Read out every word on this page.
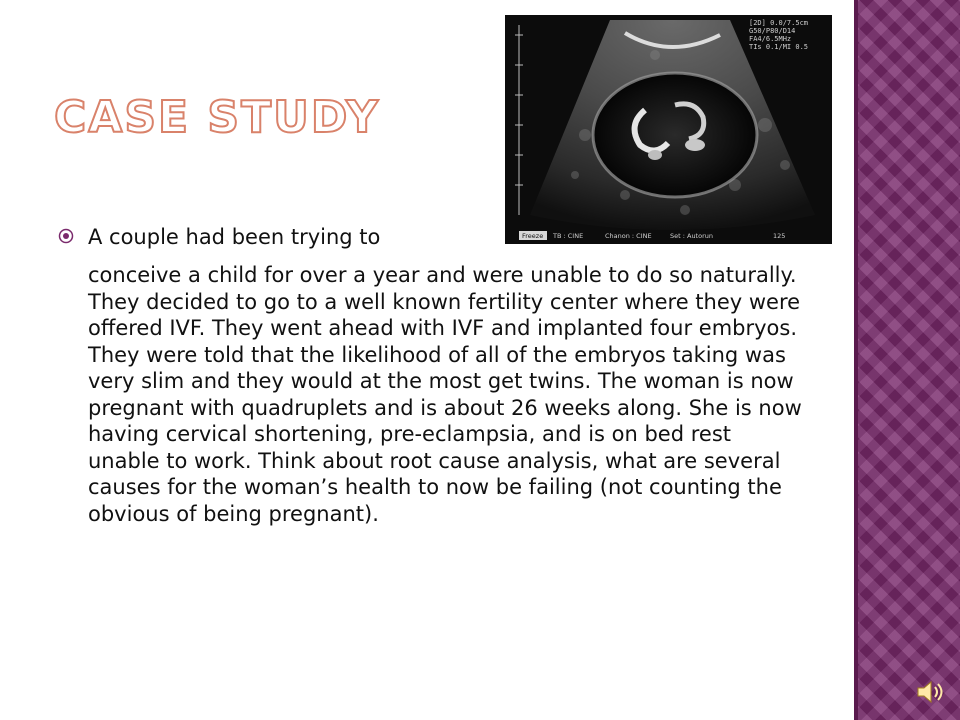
CASE STUDY
[2D] 0.0/7.5cm
G50/P80/D14
FA4/6.5MHz
TIs 0.1/MI 0.5
Freeze TB : CINE	Chanon : CINE	Set : Autorun	125
A couple had been trying to
conceive a child for over a year and were unable to do so naturally. They decided to go to a well known fertility center where they were offered IVF. They went ahead with IVF and implanted four embryos. They were told that the likelihood of all of the embryos taking was very slim and they would at the most get twins. The woman is now pregnant with quadruplets and is about 26 weeks along. She is now having cervical shortening, pre-eclampsia, and is on bed rest unable to work. Think about root cause analysis, what are several causes for the woman’s health to now be failing (not counting the obvious of being pregnant).
